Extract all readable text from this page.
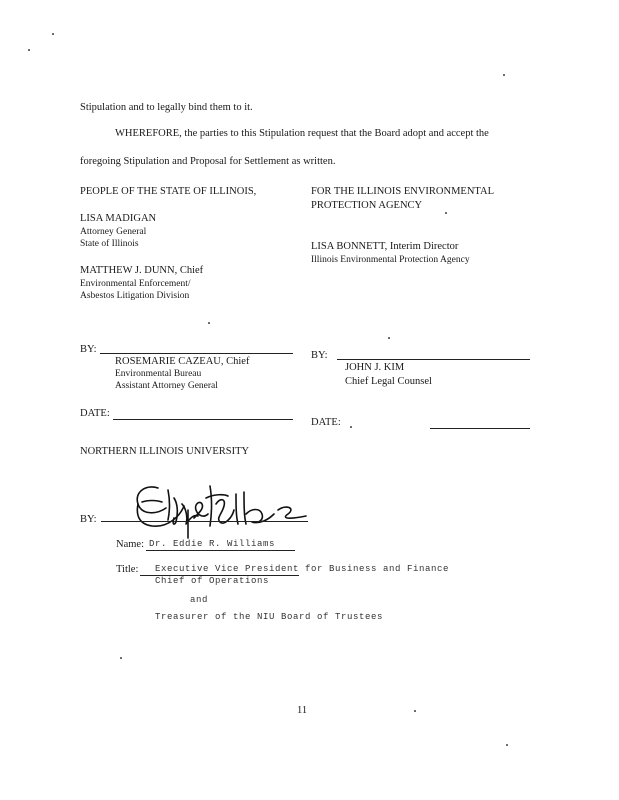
Stipulation and to legally bind them to it.
WHEREFORE, the parties to this Stipulation request that the Board adopt and accept the
foregoing Stipulation and Proposal for Settlement as written.
PEOPLE OF THE STATE OF ILLINOIS,
LISA MADIGAN
Attorney General
State of Illinois
MATTHEW J. DUNN, Chief
Environmental Enforcement/
Asbestos Litigation Division
FOR THE ILLINOIS ENVIRONMENTAL
PROTECTION AGENCY
LISA BONNETT, Interim Director
Illinois Environmental Protection Agency
BY:
ROSEMARIE CAZEAU, Chief
Environmental Bureau
Assistant Attorney General
DATE:
BY:
JOHN J. KIM
Chief Legal Counsel
DATE:
NORTHERN ILLINOIS UNIVERSITY
BY:
Name: Dr. Eddie R. Williams
Title: Executive Vice President for Business and Finance
Chief of Operations
and
Treasurer of the NIU Board of Trustees
11
